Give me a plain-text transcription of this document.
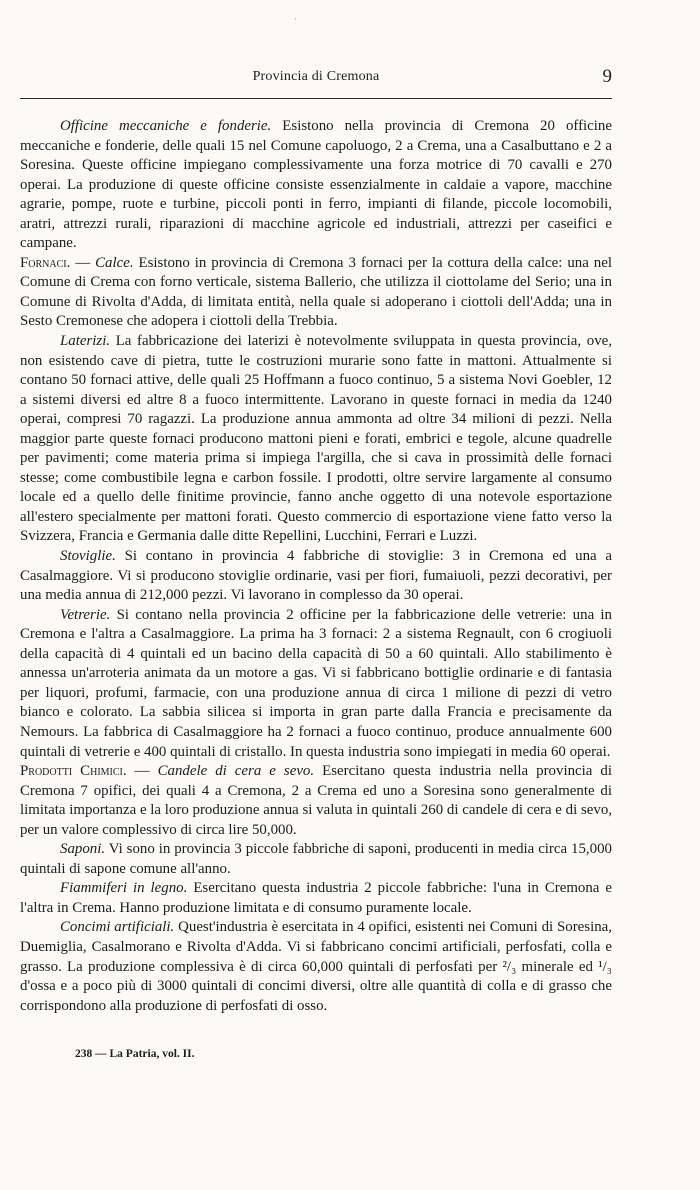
·
Provincia di Cremona	9

Officine meccaniche e fonderie. Esistono nella provincia di Cremona 20 officine meccaniche e fonderie, delle quali 15 nel Comune capoluogo, 2 a Crema, una a Casalbuttano e 2 a Soresina. Queste officine impiegano complessivamente una forza motrice di 70 cavalli e 270 operai. La produzione di queste officine consiste essenzialmente in caldaie a vapore, macchine agrarie, pompe, ruote e turbine, piccoli ponti in ferro, impianti di filande, piccole locomobili, aratri, attrezzi rurali, riparazioni di macchine agricole ed industriali, attrezzi per caseifici e campane.

Fornaci. — Calce. Esistono in provincia di Cremona 3 fornaci per la cottura della calce: una nel Comune di Crema con forno verticale, sistema Ballerio, che utilizza il ciottolame del Serio; una in Comune di Rivolta d'Adda, di limitata entità, nella quale si adoperano i ciottoli dell'Adda; una in Sesto Cremonese che adopera i ciottoli della Trebbia.

Laterizi. La fabbricazione dei laterizi è notevolmente sviluppata in questa provincia, ove, non esistendo cave di pietra, tutte le costruzioni murarie sono fatte in mattoni. Attualmente si contano 50 fornaci attive, delle quali 25 Hoffmann a fuoco continuo, 5 a sistema Novi Goebler, 12 a sistemi diversi ed altre 8 a fuoco intermittente. Lavorano in queste fornaci in media da 1240 operai, compresi 70 ragazzi. La produzione annua ammonta ad oltre 34 milioni di pezzi. Nella maggior parte queste fornaci producono mattoni pieni e forati, embrici e tegole, alcune quadrelle per pavimenti; come materia prima si impiega l'argilla, che si cava in prossimità delle fornaci stesse; come combustibile legna e carbon fossile. I prodotti, oltre servire largamente al consumo locale ed a quello delle finitime provincie, fanno anche oggetto di una notevole esportazione all'estero specialmente per mattoni forati. Questo commercio di esportazione viene fatto verso la Svizzera, Francia e Germania dalle ditte Repellini, Lucchini, Ferrari e Luzzi.

Stoviglie. Si contano in provincia 4 fabbriche di stoviglie: 3 in Cremona ed una a Casalmaggiore. Vi si producono stoviglie ordinarie, vasi per fiori, fumaiuoli, pezzi decorativi, per una media annua di 212,000 pezzi. Vi lavorano in complesso da 30 operai.

Vetrerie. Si contano nella provincia 2 officine per la fabbricazione delle vetrerie: una in Cremona e l'altra a Casalmaggiore. La prima ha 3 fornaci: 2 a sistema Regnault, con 6 crogiuoli della capacità di 4 quintali ed un bacino della capacità di 50 a 60 quintali. Allo stabilimento è annessa un'arroteria animata da un motore a gas. Vi si fabbricano bottiglie ordinarie e di fantasia per liquori, profumi, farmacie, con una produzione annua di circa 1 milione di pezzi di vetro bianco e colorato. La sabbia silicea si importa in gran parte dalla Francia e precisamente da Nemours. La fabbrica di Casalmaggiore ha 2 fornaci a fuoco continuo, produce annualmente 600 quintali di vetrerie e 400 quintali di cristallo. In questa industria sono impiegati in media 60 operai.

Prodotti Chimici. — Candele di cera e sevo. Esercitano questa industria nella provincia di Cremona 7 opifici, dei quali 4 a Cremona, 2 a Crema ed uno a Soresina sono generalmente di limitata importanza e la loro produzione annua si valuta in quintali 260 di candele di cera e di sevo, per un valore complessivo di circa lire 50,000.

Saponi. Vi sono in provincia 3 piccole fabbriche di saponi, producenti in media circa 15,000 quintali di sapone comune all'anno.

Fiammiferi in legno. Esercitano questa industria 2 piccole fabbriche: l'una in Cremona e l'altra in Crema. Hanno produzione limitata e di consumo puramente locale.

Concimi artificiali. Quest'industria è esercitata in 4 opifici, esistenti nei Comuni di Soresina, Duemiglia, Casalmorano e Rivolta d'Adda. Vi si fabbricano concimi artificiali, perfosfati, colla e grasso. La produzione complessiva è di circa 60,000 quintali di perfosfati per ²/₃ minerale ed ¹/₃ d'ossa e a poco più di 3000 quintali di concimi diversi, oltre alle quantità di colla e di grasso che corrispondono alla produzione di perfosfati di osso.

238 — La Patria, vol. II.
